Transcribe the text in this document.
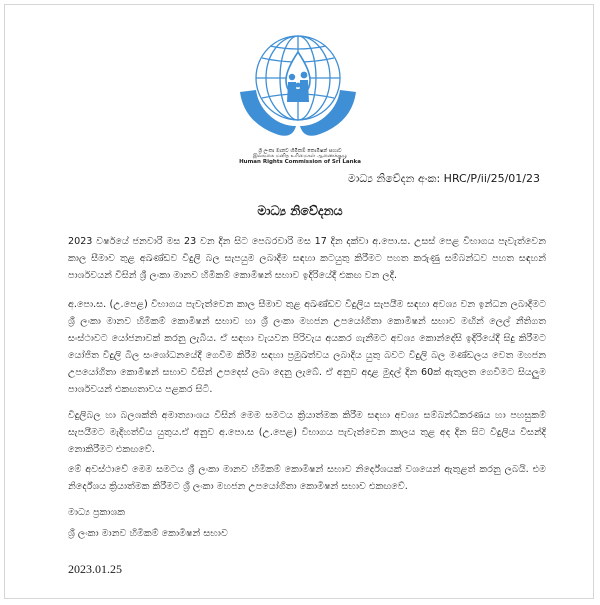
ශ්‍රී ලංකා මානව හිමිකම් කොමිෂන් සභාව
இலங்கை மனித உரிமைகள் ஆணைக்குழு
Human Rights Commission of Sri Lanka
මාධ්‍ය නිවේදන අංක: HRC/P/ii/25/01/23
මාධ්‍ය නිවේදනය
2023 වර්ෂයේ ජනවාරි මස 23 වන දින සිට පෙබරවාරි මස 17 දින දක්වා අ.පො.ස. උසස් පෙළ විභාගය පැවැත්වෙන කාල සීමාව තුළ අඛණ්ඩව විදුලි බල සැපයුම ලබාදීම සඳහා කටයුතු කිරීමට පහත කරුණු සම්බන්ධව පහත සඳහන් පාර්ශවයන් විසින් ශ්‍රී ලංකා මානව හිමිකම් කොමිෂන් සභාව ඉදිරියේදී එකඟ වන ලදී.
අ.පො.ස. (උ.පෙළ) විභාගය පැවැත්වෙන කාල සීමාව තුළ අඛණ්ඩව විදුලිය සැපයීම සඳහා අවශ්‍ය වන ඉන්ධන ලබාදීමට ශ්‍රී ලංකා මානව හිමිකම් කොමිෂන් සභාව හා ශ්‍රී ලංකා මහජන උපයෝගිතා කොමිෂන් සභාව මඟින් ලෙල් නීතිගත සංස්ථාවට යෝජනාවක් කරනු ලැබීය. ඒ සඳහා වැයවන පිරිවැය අයකර ගැනීමට අවශ්‍ය කොන්දේසි ඉදිරියේදී සිදු කිරීමට යෝජිත විදුලි බිල සංශෝධනයේදී ගෙවීම කිරීම සඳහා ප්‍රමුඛත්වය ලබාදිය යුතු බවට විදුලි බල මණ්ඩලය වෙත මහජන උපයෝගිතා කොමිෂන් සභාව විසින් උපදෙස් ලබා දෙනු ලැබේ. ඒ අනුව අදාළ මුදල් දින 60ක් ඇතුලත ගෙවීමට සියලුම පාර්ශවයන් එකඟතාවය පළකර සිටි.
විදුලිබල හා බලශක්ති අමාත්‍යාංශය විසින් මෙම සමටය ක්‍රියාත්මක කිරීම සඳහා අවශ්‍ය සම්බන්ධීකරණය හා පහසුකම් සැපයීමට මැදිහත්විය යුතුය.ඒ අනුව අ.පො.ස (උ.පෙළ) විභාගය පැවැත්වෙන කාලය තුළ අද දින සිට විදුලිය විසන්දි නොකිරීමට එකඟවේ.
මේ අවස්ථාවේ මෙම සමටය ශ්‍රී ලංකා මානව හිමිකම් කොමිෂන් සභාව නිර්දේශයක් වශයෙන් ඇතුළත් කරනු ලබයි. එම නිර්දේශය ක්‍රියාත්මක කිරීමට ශ්‍රී ලංකා මහජන උපයෝගිතා කොමිෂන් සභාව එකඟවේ.
මාධ්‍ය ප්‍රකාශක
ශ්‍රී ලංකා මානව හිමිකම් කොමිෂන් සභාව
2023.01.25
